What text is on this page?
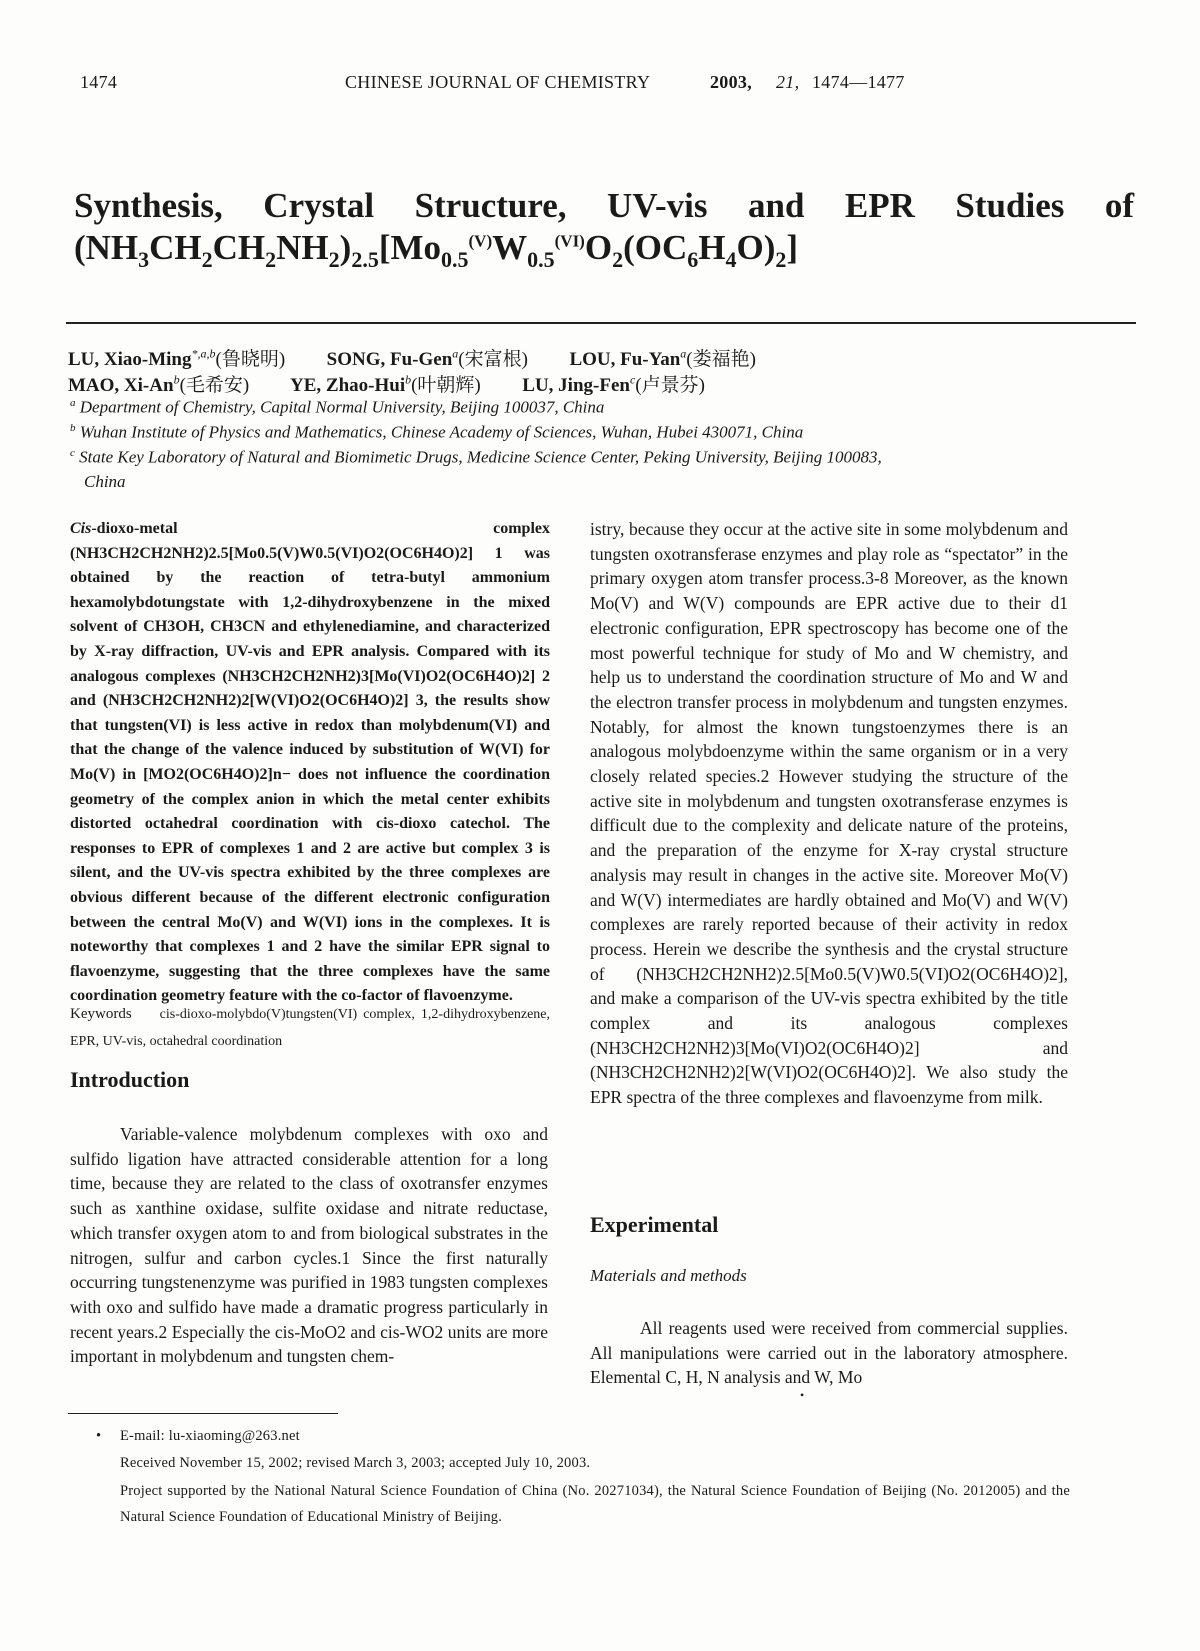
1474	CHINESE JOURNAL OF CHEMISTRY	2003, 21, 1474—1477
Synthesis, Crystal Structure, UV-vis and EPR Studies of
$(NH_3CH_2CH_2NH_2)_{2.5}[Mo_{0.5}^{(V)}W_{0.5}^{(VI)}O_2(OC_6H_4O)_2]$
LU, Xiao-Ming$^{*,a,b}$(鲁晓明) SONG, Fu-Gen$^a$(宋富根) LOU, Fu-Yan$^a$(娄福艳)
MAO, Xi-An$^b$(毛希安) YE, Zhao-Hui$^b$(叶朝辉) LU, Jing-Fen$^c$(卢景芬)
$^a$ Department of Chemistry, Capital Normal University, Beijing 100037, China
$^b$ Wuhan Institute of Physics and Mathematics, Chinese Academy of Sciences, Wuhan, Hubei 430071, China
$^c$ State Key Laboratory of Natural and Biomimetic Drugs, Medicine Science Center, Peking University, Beijing 100083,
China

Cis-dioxo-metal complex (NH3CH2CH2NH2)2.5[Mo0.5(V)W0.5(VI)O2(OC6H4O)2] 1 was obtained by the reaction of tetra-butyl ammonium hexamolybdotungstate with 1,2-dihydroxybenzene in the mixed solvent of CH3OH, CH3CN and ethylenediamine, and characterized by X-ray diffraction, UV-vis and EPR analysis. Compared with its analogous complexes (NH3CH2CH2NH2)3[Mo(VI)O2(OC6H4O)2] 2 and (NH3CH2CH2NH2)2[W(VI)O2(OC6H4O)2] 3, the results show that tungsten(VI) is less active in redox than molybdenum(VI) and that the change of the valence induced by substitution of W(VI) for Mo(V) in [MO2(OC6H4O)2]n− does not influence the coordination geometry of the complex anion in which the metal center exhibits distorted octahedral coordination with cis-dioxo catechol. The responses to EPR of complexes 1 and 2 are active but complex 3 is silent, and the UV-vis spectra exhibited by the three complexes are obvious different because of the different electronic configuration between the central Mo(V) and W(VI) ions in the complexes. It is noteworthy that complexes 1 and 2 have the similar EPR signal to flavoenzyme, suggesting that the three complexes have the same coordination geometry feature with the co-factor of flavoenzyme.

Keywords cis-dioxo-molybdo(V)tungsten(VI) complex, 1,2-dihydroxybenzene, EPR, UV-vis, octahedral coordination

Introduction

Variable-valence molybdenum complexes with oxo and sulfido ligation have attracted considerable attention for a long time, because they are related to the class of oxotransfer enzymes such as xanthine oxidase, sulfite oxidase and nitrate reductase, which transfer oxygen atom to and from biological substrates in the nitrogen, sulfur and carbon cycles.1 Since the first naturally occurring tungstenenzyme was purified in 1983 tungsten complexes with oxo and sulfido have made a dramatic progress particularly in recent years.2 Especially the cis-MoO2 and cis-WO2 units are more important in molybdenum and tungsten chem-

istry, because they occur at the active site in some molybdenum and tungsten oxotransferase enzymes and play role as “spectator” in the primary oxygen atom transfer process.3-8 Moreover, as the known Mo(V) and W(V) compounds are EPR active due to their d1 electronic configuration, EPR spectroscopy has become one of the most powerful technique for study of Mo and W chemistry, and help us to understand the coordination structure of Mo and W and the electron transfer process in molybdenum and tungsten enzymes. Notably, for almost the known tungstoenzymes there is an analogous molybdoenzyme within the same organism or in a very closely related species.2 However studying the structure of the active site in molybdenum and tungsten oxotransferase enzymes is difficult due to the complexity and delicate nature of the proteins, and the preparation of the enzyme for X-ray crystal structure analysis may result in changes in the active site. Moreover Mo(V) and W(V) intermediates are hardly obtained and Mo(V) and W(V) complexes are rarely reported because of their activity in redox process. Herein we describe the synthesis and the crystal structure of (NH3CH2CH2NH2)2.5[Mo0.5(V)W0.5(VI)O2(OC6H4O)2], and make a comparison of the UV-vis spectra exhibited by the title complex and its analogous complexes (NH3CH2CH2NH2)3[Mo(VI)O2(OC6H4O)2] and (NH3CH2CH2NH2)2[W(VI)O2(OC6H4O)2]. We also study the EPR spectra of the three complexes and flavoenzyme from milk.

Experimental
Materials and methods

All reagents used were received from commercial supplies. All manipulations were carried out in the laboratory atmosphere. Elemental C, H, N analysis and W, Mo

•
• E-mail: lu-xiaoming@263.net
Received November 15, 2002; revised March 3, 2003; accepted July 10, 2003.
Project supported by the National Natural Science Foundation of China (No. 20271034), the Natural Science Foundation of Beijing (No. 2012005) and the Natural Science Foundation of Educational Ministry of Beijing.
